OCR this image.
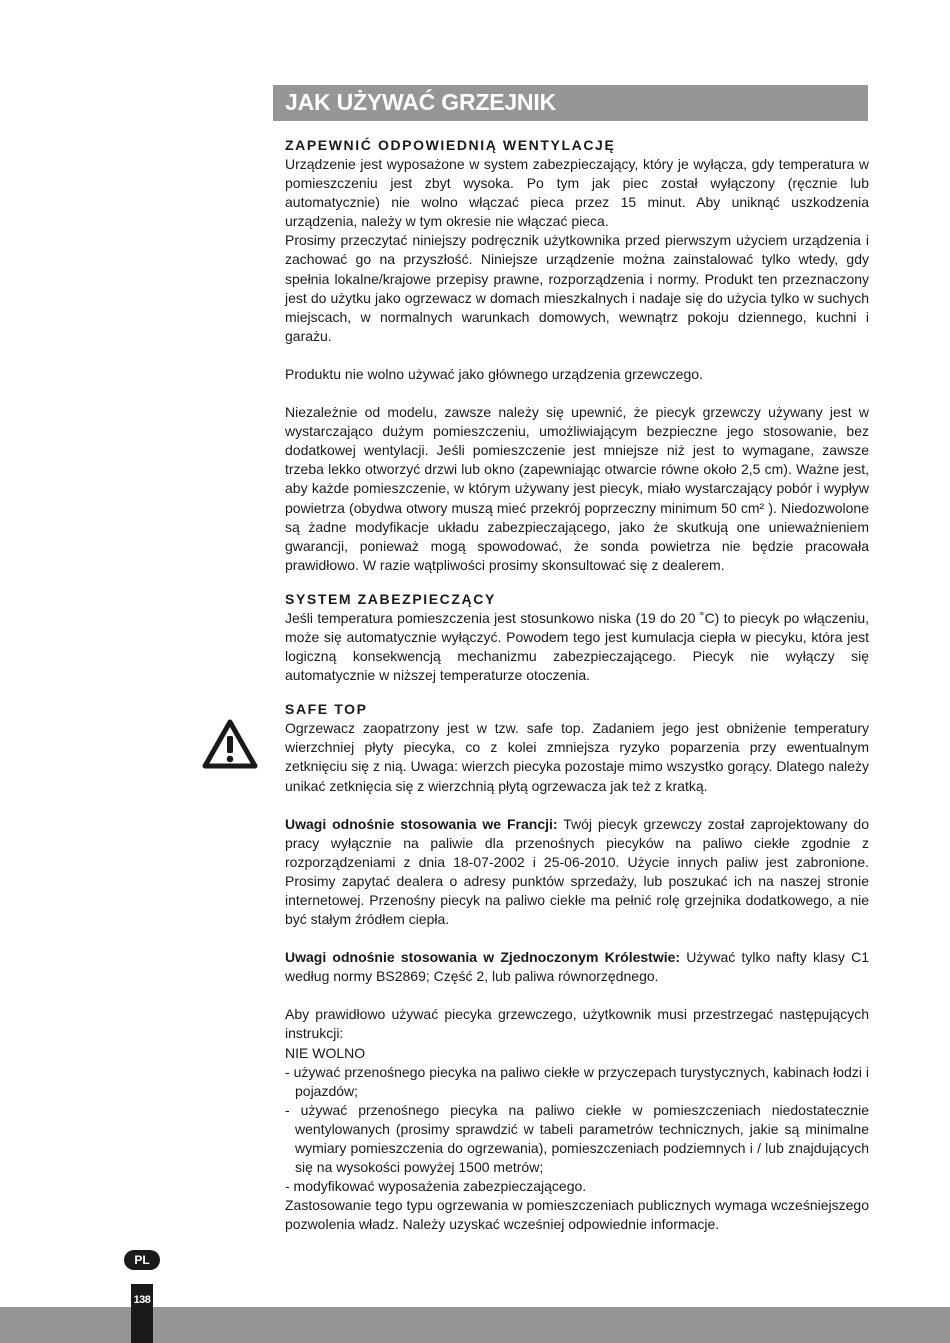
JAK UŻYWAĆ GRZEJNIK

ZAPEWNIĆ ODPOWIEDNIĄ WENTYLACJĘ

Urządzenie jest wyposażone w system zabezpieczający, który je wyłącza, gdy temperatura w pomieszczeniu jest zbyt wysoka. Po tym jak piec został wyłączony (ręcznie lub automatycznie) nie wolno włączać pieca przez 15 minut. Aby uniknąć uszkodzenia urządzenia, należy w tym okresie nie włączać pieca.

Prosimy przeczytać niniejszy podręcznik użytkownika przed pierwszym użyciem urządzenia i zachować go na przyszłość. Niniejsze urządzenie można zainstalować tylko wtedy, gdy spełnia lokalne/krajowe przepisy prawne, rozporządzenia i normy. Produkt ten przeznaczony jest do użytku jako ogrzewacz w domach mieszkalnych i nadaje się do użycia tylko w suchych miejscach, w normalnych warunkach domowych, wewnątrz pokoju dziennego, kuchni i garażu.

Produktu nie wolno używać jako głównego urządzenia grzewczego.

Niezależnie od modelu, zawsze należy się upewnić, że piecyk grzewczy używany jest w wystarczająco dużym pomieszczeniu, umożliwiającym bezpieczne jego stosowanie, bez dodatkowej wentylacji. Jeśli pomieszczenie jest mniejsze niż jest to wymagane, zawsze trzeba lekko otworzyć drzwi lub okno (zapewniając otwarcie równe około 2,5 cm). Ważne jest, aby każde pomieszczenie, w którym używany jest piecyk, miało wystarczający pobór i wypływ powietrza (obydwa otwory muszą mieć przekrój poprzeczny minimum 50 cm² ). Niedozwolone są żadne modyfikacje układu zabezpieczającego, jako że skutkują one unieważnieniem gwarancji, ponieważ mogą spowodować, że sonda powietrza nie będzie pracowała prawidłowo. W razie wątpliwości prosimy skonsultować się z dealerem.

SYSTEM ZABEZPIECZĄCY

Jeśli temperatura pomieszczenia jest stosunkowo niska (19 do 20 ˚C) to piecyk po włączeniu, może się automatycznie wyłączyć. Powodem tego jest kumulacja ciepła w piecyku, która jest logiczną konsekwencją mechanizmu zabezpieczającego. Piecyk nie wyłączy się automatycznie w niższej temperaturze otoczenia.

SAFE TOP

Ogrzewacz zaopatrzony jest w tzw. safe top. Zadaniem jego jest obniżenie temperatury wierzchniej płyty piecyka, co z kolei zmniejsza ryzyko poparzenia przy ewentualnym zetknięciu się z nią. Uwaga: wierzch piecyka pozostaje mimo wszystko gorący. Dlatego należy unikać zetknięcia się z wierzchnią płytą ogrzewacza jak też z kratką.

Uwagi odnośnie stosowania we Francji: Twój piecyk grzewczy został zaprojektowany do pracy wyłącznie na paliwie dla przenośnych piecyków na paliwo ciekłe zgodnie z rozporządzeniami z dnia 18-07-2002 i 25-06-2010. Użycie innych paliw jest zabronione. Prosimy zapytać dealera o adresy punktów sprzedaży, lub poszukać ich na naszej stronie internetowej. Przenośny piecyk na paliwo ciekłe ma pełnić rolę grzejnika dodatkowego, a nie być stałym źródłem ciepła.

Uwagi odnośnie stosowania w Zjednoczonym Królestwie: Używać tylko nafty klasy C1 według normy BS2869; Część 2, lub paliwa równorzędnego.

Aby prawidłowo używać piecyka grzewczego, użytkownik musi przestrzegać następujących instrukcji:

NIE WOLNO

- używać przenośnego piecyka na paliwo ciekłe w przyczepach turystycznych, kabinach łodzi i pojazdów;

- używać przenośnego piecyka na paliwo ciekłe w pomieszczeniach niedostatecznie wentylowanych (prosimy sprawdzić w tabeli parametrów technicznych, jakie są minimalne wymiary pomieszczenia do ogrzewania), pomieszczeniach podziemnych i / lub znajdujących się na wysokości powyżej 1500 metrów;

- modyfikować wyposażenia zabezpieczającego.

Zastosowanie tego typu ogrzewania w pomieszczeniach publicznych wymaga wcześniejszego pozwolenia władz. Należy uzyskać wcześniej odpowiednie informacje.

PL
138
